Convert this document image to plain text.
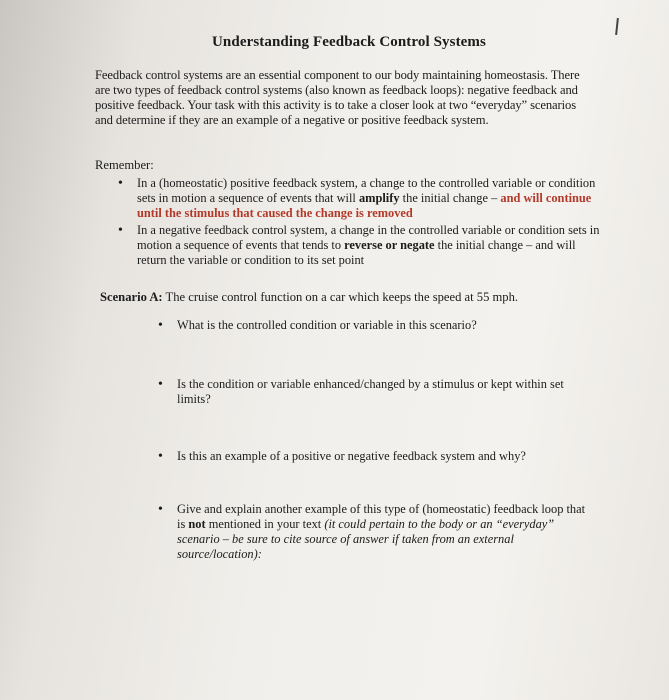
Understanding Feedback Control Systems
Feedback control systems are an essential component to our body maintaining homeostasis. There are two types of feedback control systems (also known as feedback loops): negative feedback and positive feedback. Your task with this activity is to take a closer look at two “everyday” scenarios and determine if they are an example of a negative or positive feedback system.
Remember:
• In a (homeostatic) positive feedback system, a change to the controlled variable or condition sets in motion a sequence of events that will amplify the initial change – and will continue until the stimulus that caused the change is removed
• In a negative feedback control system, a change in the controlled variable or condition sets in motion a sequence of events that tends to reverse or negate the initial change – and will return the variable or condition to its set point
Scenario A: The cruise control function on a car which keeps the speed at 55 mph.
•	What is the controlled condition or variable in this scenario?
•	Is the condition or variable enhanced/changed by a stimulus or kept within set limits?
•	Is this an example of a positive or negative feedback system and why?
•	Give and explain another example of this type of (homeostatic) feedback loop that is not mentioned in your text (it could pertain to the body or an “everyday” scenario – be sure to cite source of answer if taken from an external source/location):
